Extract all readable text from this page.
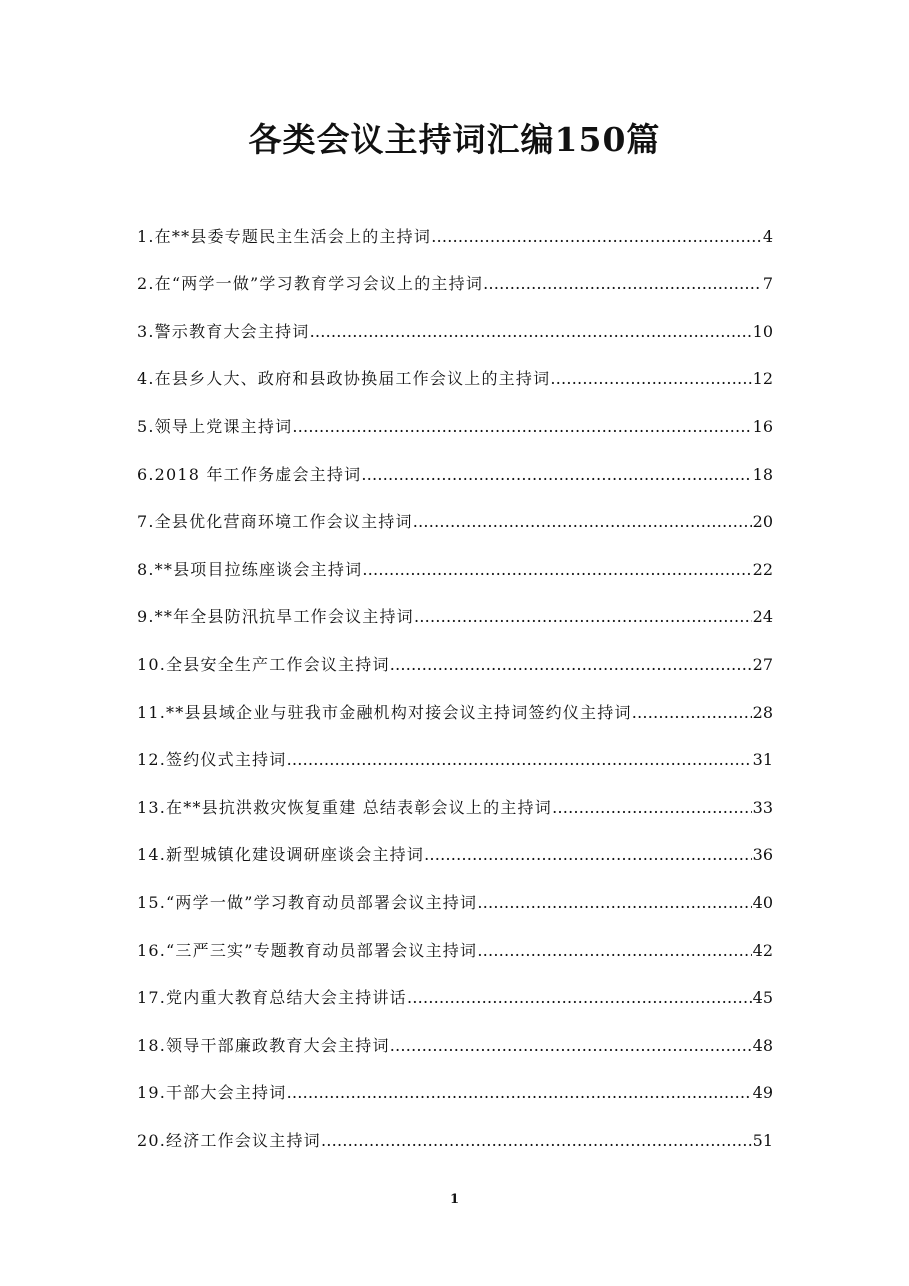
各类会议主持词汇编150篇
1.在**县委专题民主生活会上的主持词 …………………………………………………………………………………………………………………………………………………………	4
2.在“两学一做”学习教育学习会议上的主持词 …………………………………………………………………………………………………………………………………………………………	7
3.警示教育大会主持词 …………………………………………………………………………………………………………………………………………………………	10
4.在县乡人大、政府和县政协换届工作会议上的主持词 …………………………………………………………………………………………………………………………………………………………	12
5.领导上党课主持词 …………………………………………………………………………………………………………………………………………………………	16
6.2018 年工作务虚会主持词 …………………………………………………………………………………………………………………………………………………………	18
7.全县优化营商环境工作会议主持词 …………………………………………………………………………………………………………………………………………………………	20
8.**县项目拉练座谈会主持词 …………………………………………………………………………………………………………………………………………………………	22
9.**年全县防汛抗旱工作会议主持词 …………………………………………………………………………………………………………………………………………………………	24
10.全县安全生产工作会议主持词 …………………………………………………………………………………………………………………………………………………………	27
11.**县县域企业与驻我市金融机构对接会议主持词签约仪主持词 …………………………………………………………………………………………………………………………………………………………	28
12.签约仪式主持词 …………………………………………………………………………………………………………………………………………………………	31
13.在**县抗洪救灾恢复重建 总结表彰会议上的主持词 …………………………………………………………………………………………………………………………………………………………	33
14.新型城镇化建设调研座谈会主持词 …………………………………………………………………………………………………………………………………………………………	36
15.“两学一做”学习教育动员部署会议主持词 …………………………………………………………………………………………………………………………………………………………	40
16.“三严三实”专题教育动员部署会议主持词 …………………………………………………………………………………………………………………………………………………………	42
17.党内重大教育总结大会主持讲话 …………………………………………………………………………………………………………………………………………………………	45
18.领导干部廉政教育大会主持词 …………………………………………………………………………………………………………………………………………………………	48
19.干部大会主持词 …………………………………………………………………………………………………………………………………………………………	49
20.经济工作会议主持词 …………………………………………………………………………………………………………………………………………………………	51
1
